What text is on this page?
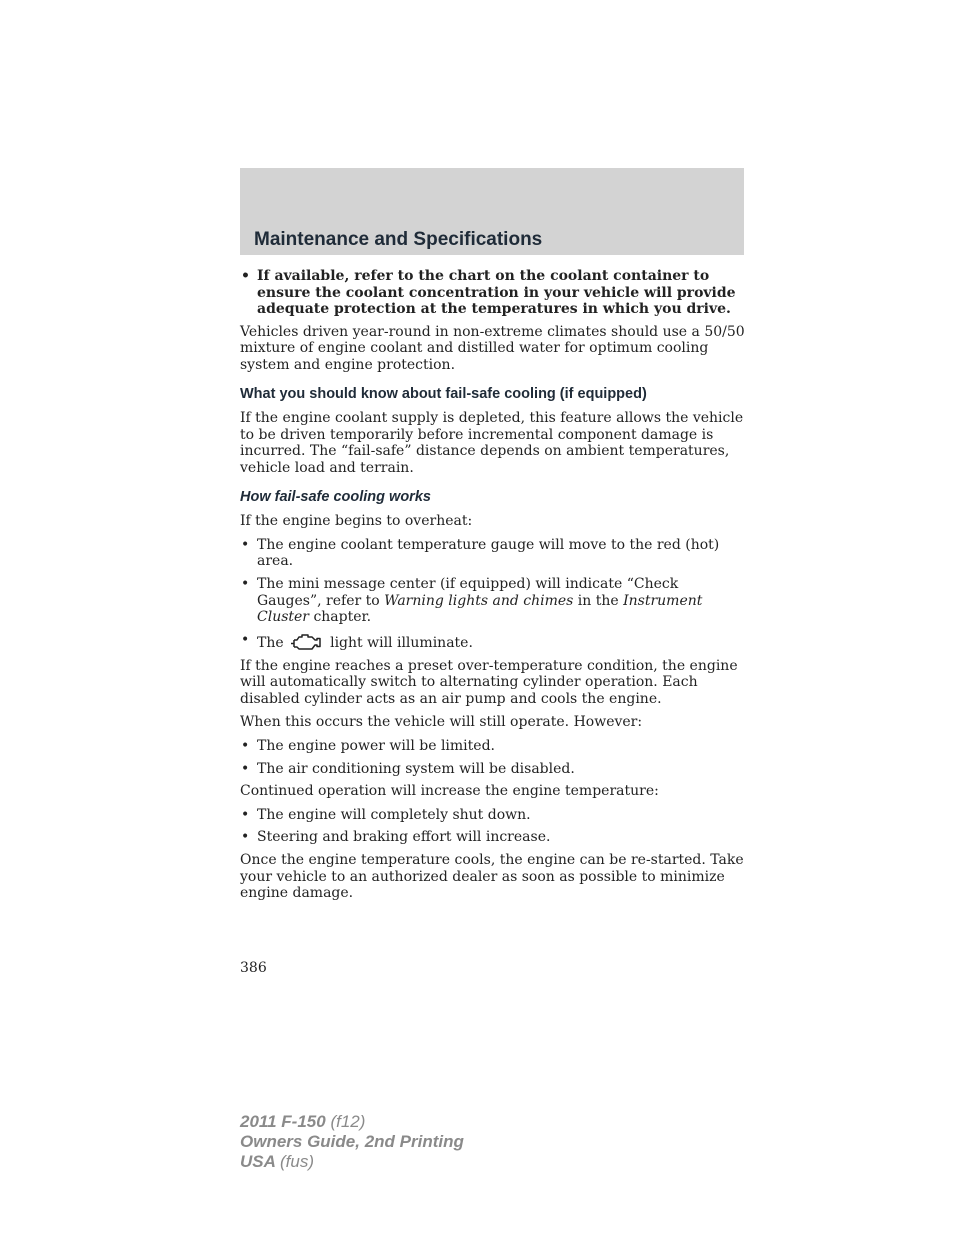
Maintenance and Specifications
• If available, refer to the chart on the coolant container to ensure the coolant concentration in your vehicle will provide adequate protection at the temperatures in which you drive.

Vehicles driven year-round in non-extreme climates should use a 50/50 mixture of engine coolant and distilled water for optimum cooling system and engine protection.

What you should know about fail-safe cooling (if equipped)

If the engine coolant supply is depleted, this feature allows the vehicle to be driven temporarily before incremental component damage is incurred. The “fail-safe” distance depends on ambient temperatures, vehicle load and terrain.

How fail-safe cooling works

If the engine begins to overheat:

• The engine coolant temperature gauge will move to the red (hot) area.
• The mini message center (if equipped) will indicate “Check Gauges”, refer to Warning lights and chimes in the Instrument Cluster chapter.
• The	light will illuminate.

If the engine reaches a preset over-temperature condition, the engine will automatically switch to alternating cylinder operation. Each disabled cylinder acts as an air pump and cools the engine.

When this occurs the vehicle will still operate. However:

• The engine power will be limited.
• The air conditioning system will be disabled.

Continued operation will increase the engine temperature:

• The engine will completely shut down.
• Steering and braking effort will increase.

Once the engine temperature cools, the engine can be re-started. Take your vehicle to an authorized dealer as soon as possible to minimize engine damage.

386
2011 F-150 (f12)
Owners Guide, 2nd Printing
USA (fus)
